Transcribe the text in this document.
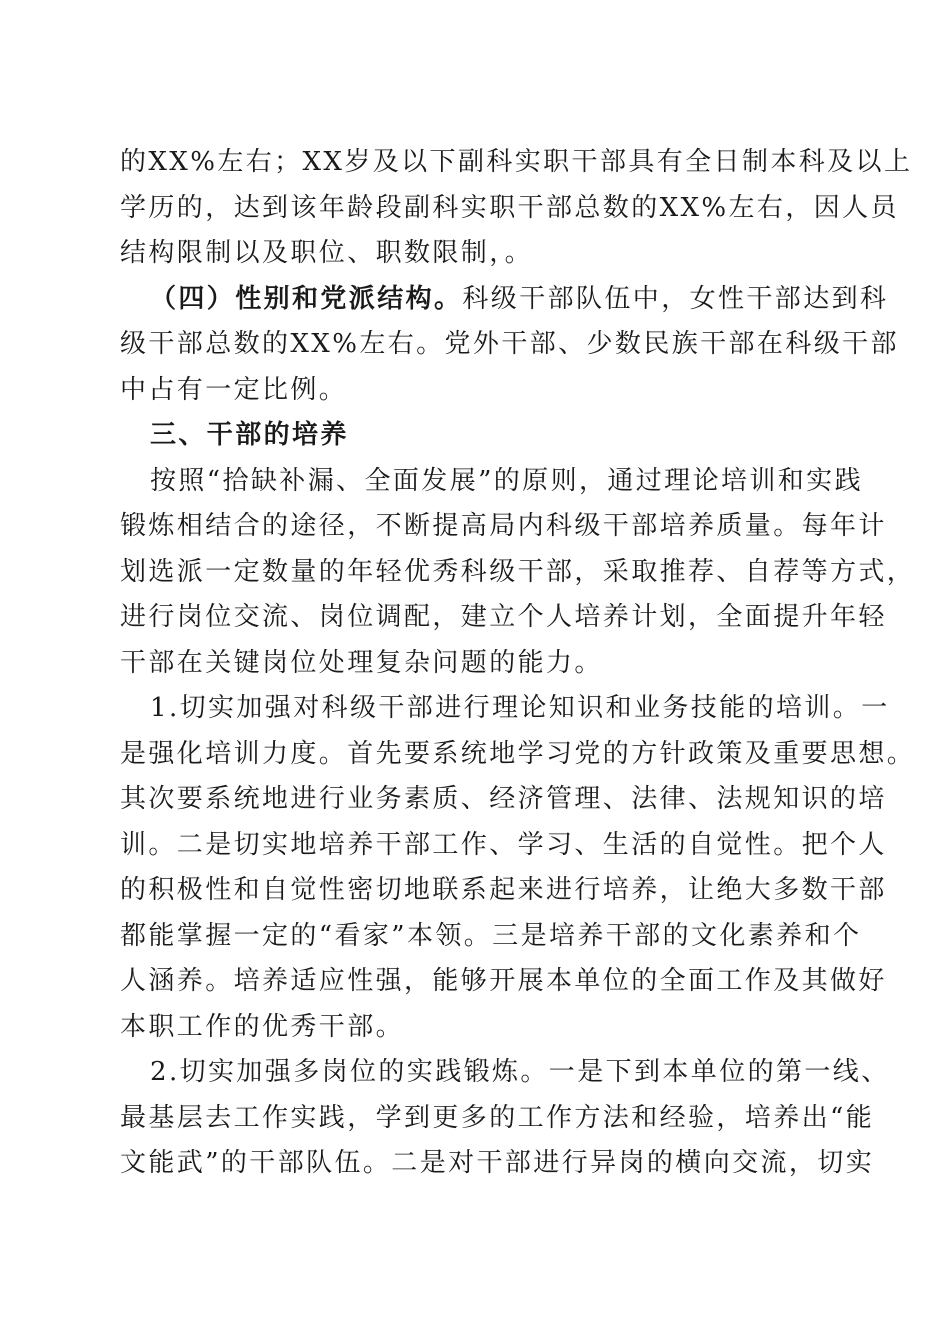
的XX%左右；XX岁及以下副科实职干部具有全日制本科及以上
学历的，达到该年龄段副科实职干部总数的XX%左右，因人员
结构限制以及职位、职数限制，。
（四）性别和党派结构。科级干部队伍中，女性干部达到科
级干部总数的XX%左右。党外干部、少数民族干部在科级干部
中占有一定比例。
三、干部的培养
按照“拾缺补漏、全面发展”的原则，通过理论培训和实践
锻炼相结合的途径，不断提高局内科级干部培养质量。每年计
划选派一定数量的年轻优秀科级干部，采取推荐、自荐等方式，
进行岗位交流、岗位调配，建立个人培养计划，全面提升年轻
干部在关键岗位处理复杂问题的能力。
1.切实加强对科级干部进行理论知识和业务技能的培训。一
是强化培训力度。首先要系统地学习党的方针政策及重要思想。
其次要系统地进行业务素质、经济管理、法律、法规知识的培
训。二是切实地培养干部工作、学习、生活的自觉性。把个人
的积极性和自觉性密切地联系起来进行培养，让绝大多数干部
都能掌握一定的“看家”本领。三是培养干部的文化素养和个
人涵养。培养适应性强，能够开展本单位的全面工作及其做好
本职工作的优秀干部。
2.切实加强多岗位的实践锻炼。一是下到本单位的第一线、
最基层去工作实践，学到更多的工作方法和经验，培养出“能
文能武”的干部队伍。二是对干部进行异岗的横向交流，切实
